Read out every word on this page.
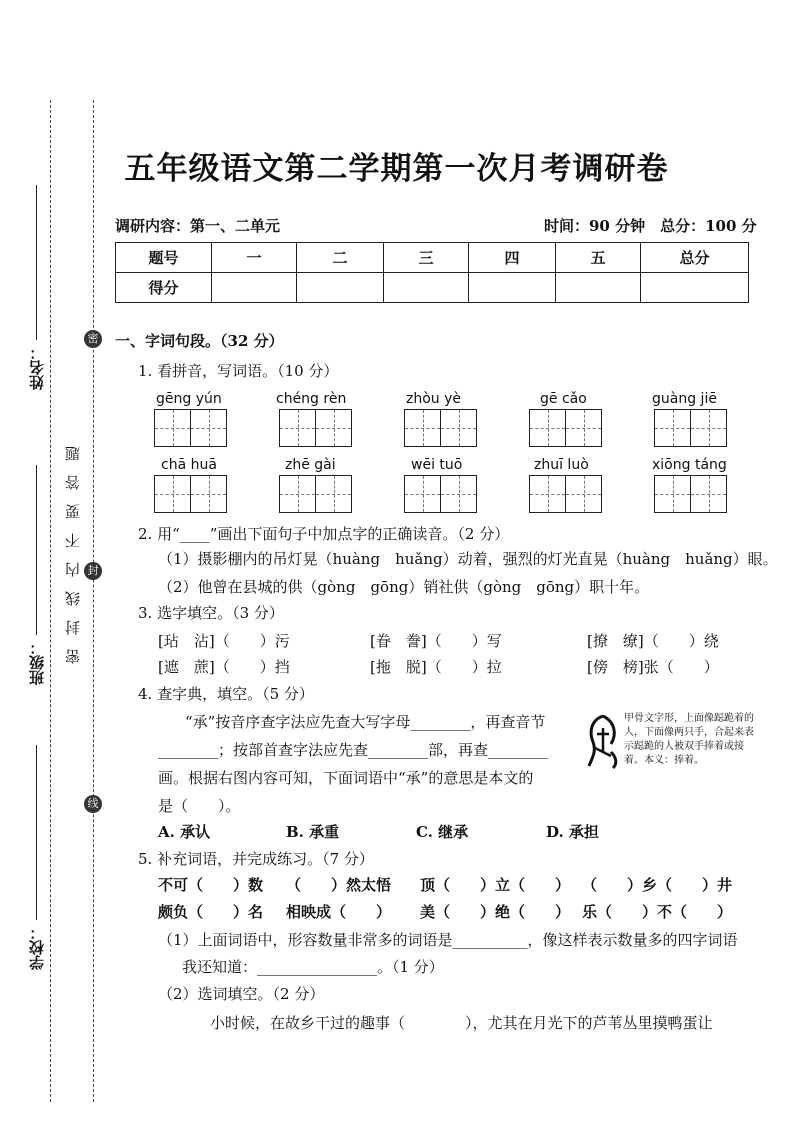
姓名：
班级：
学校：
密封线内不要答题
密
封
线
五年级语文第二学期第一次月考调研卷
调研内容：第一、二单元	时间：90 分钟　总分：100 分
题号	一	二	三	四	五	总分
得分						
一、字词句段。（32 分）
1. 看拼音，写词语。（10 分）
gēng yún	chéng rèn	zhòu yè	gē cǎo	guàng jiē
chā huā	zhē gài	wēi tuō	zhuī luò	xiōng táng
2. 用“____”画出下面句子中加点字的正确读音。（2 分）
（1）摄影棚内的吊灯晃（huàng　huǎng）动着，强烈的灯光直晃（huàng　huǎng）眼。
（2）他曾在县城的供（gòng　gōng）销社供（gòng　gōng）职十年。
3. 选字填空。（3 分）
[玷　沾]（　　）污	[眷　誊]（　　）写	[撩　缭]（　　）绕
[遮　蔗]（　　）挡	[拖　脱]（　　）拉	[傍　榜]张（　　）
4. 查字典，填空。（5 分）
“承”按音序查字法应先查大写字母________，再查音节
________；按部首查字法应先查________部，再查________
画。根据右图内容可知，下面词语中“承”的意思是本文的
是（　　）。
甲骨文字形，上面像跽跪着的人，下面像两只手，合起来表示跽跪的人被双手捧着或接着。本义：捧着。
A. 承认	B. 承重	C. 继承	D. 承担
5. 补充词语，并完成练习。（7 分）
不可（　　）数 （　　）然太悟 顶（　　）立（　　） （　　）乡（　　）井
颇负（　　）名 相映成（　　） 美（　　）绝（　　） 乐（　　）不（　　）
（1）上面词语中，形容数量非常多的词语是__________，像这样表示数量多的四字词语
我还知道：________________。（1 分）
（2）选词填空。（2 分）
小时候，在故乡干过的趣事（　　　　），尤其在月光下的芦苇丛里摸鸭蛋让
